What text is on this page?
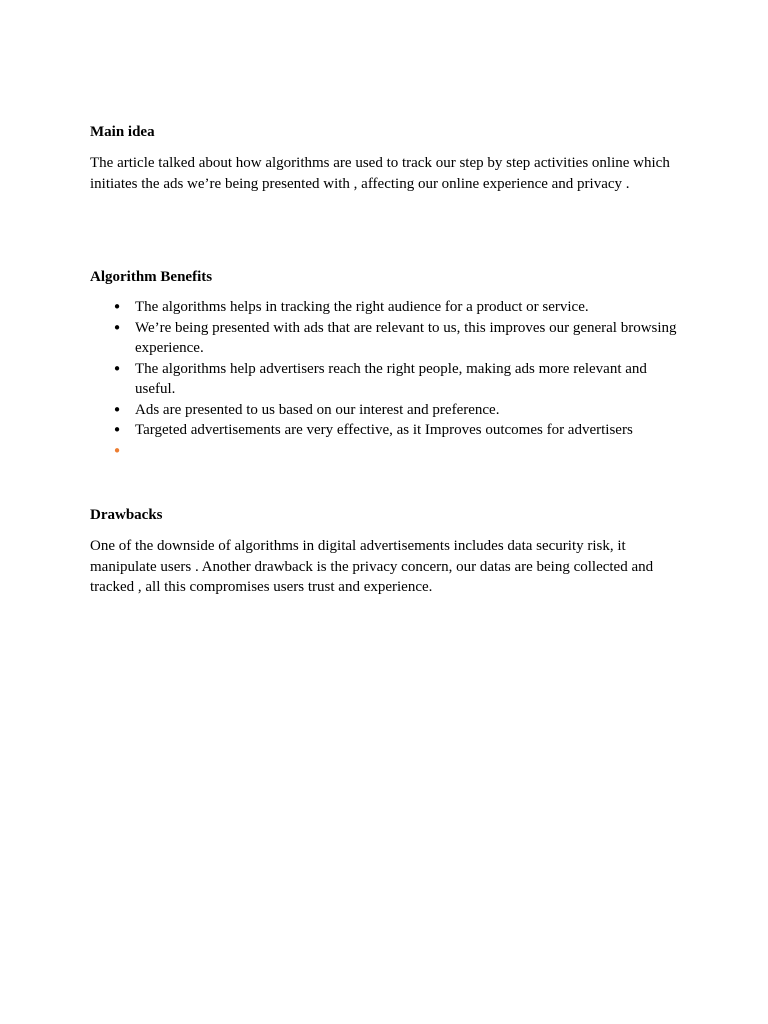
Main idea

The article talked about how algorithms are used to track our step by step activities online which initiates the ads we’re being presented with , affecting our online experience and privacy .

Algorithm Benefits
• The algorithms helps in tracking the right audience for a product or service.
• We’re being presented with ads that are relevant to us, this improves our general browsing experience.
• The algorithms help advertisers reach the right people, making ads more relevant and useful.
• Ads are presented to us based on our interest and preference.
• Targeted advertisements are very effective, as it Improves outcomes for advertisers
•
Drawbacks

One of the downside of algorithms in digital advertisements includes data security risk, it manipulate users . Another drawback is the privacy concern, our datas are being collected and tracked , all this compromises users trust and experience.
